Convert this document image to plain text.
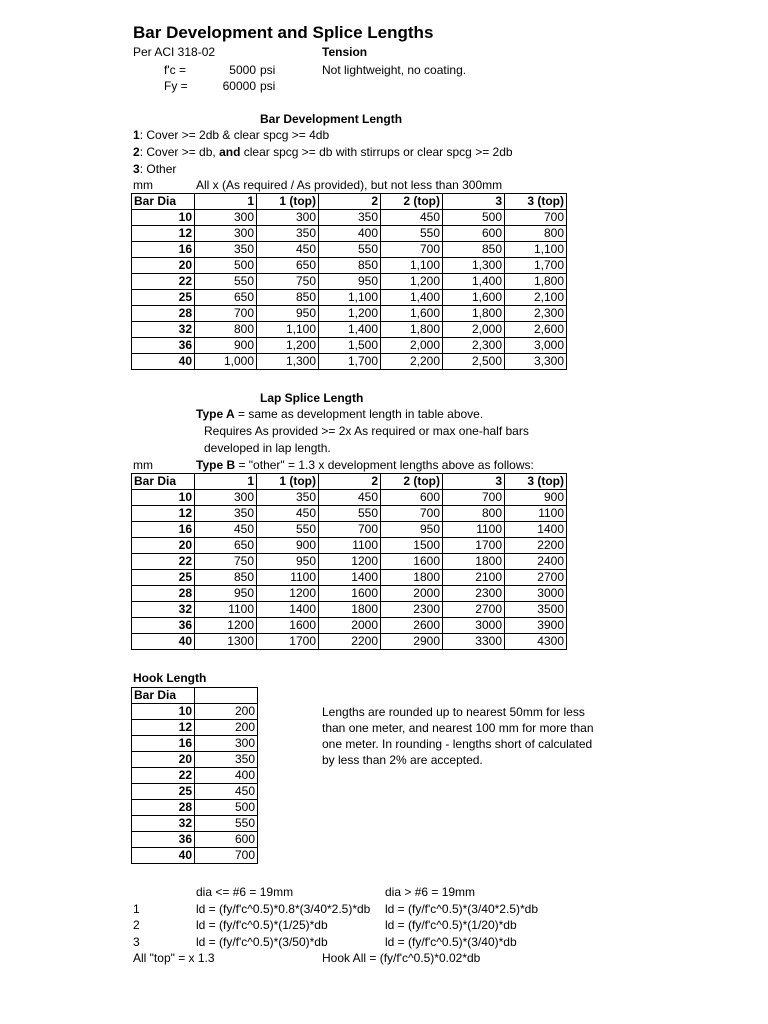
Bar Development and Splice Lengths
Per ACI 318-02	Tension
Not lightweight, no coating.
f'c =	5000 psi
Fy =	60000 psi
Bar Development Length
1: Cover >= 2db & clear spcg >= 4db
2: Cover >= db, and clear spcg >= db with stirrups or clear spcg >= 2db
3: Other
mm	All x (As required / As provided), but not less than 300mm
Bar Dia	1	1 (top)	2	2 (top)	3	3 (top)
10	300	300	350	450	500	700
12	300	350	400	550	600	800
16	350	450	550	700	850	1,100
20	500	650	850	1,100	1,300	1,700
22	550	750	950	1,200	1,400	1,800
25	650	850	1,100	1,400	1,600	2,100
28	700	950	1,200	1,600	1,800	2,300
32	800	1,100	1,400	1,800	2,000	2,600
36	900	1,200	1,500	2,000	2,300	3,000
40	1,000	1,300	1,700	2,200	2,500	3,300
Lap Splice Length
Type A = same as development length in table above.
Requires As provided >= 2x As required or max one-half bars
developed in lap length.
mm	Type B = "other" = 1.3 x development lengths above as follows:
Bar Dia	1	1 (top)	2	2 (top)	3	3 (top)
10	300	350	450	600	700	900
12	350	450	550	700	800	1100
16	450	550	700	950	1100	1400
20	650	900	1100	1500	1700	2200
22	750	950	1200	1600	1800	2400
25	850	1100	1400	1800	2100	2700
28	950	1200	1600	2000	2300	3000
32	1100	1400	1800	2300	2700	3500
36	1200	1600	2000	2600	3000	3900
40	1300	1700	2200	2900	3300	4300
Hook Length
Bar Dia	
10	200
12	200
16	300
20	350
22	400
25	450
28	500
32	550
36	600
40	700
Lengths are rounded up to nearest 50mm for less
than one meter, and nearest 100 mm for more than
one meter. In rounding - lengths short of calculated
by less than 2% are accepted.
dia <= #6 = 19mm	dia > #6 = 19mm
1	ld = (fy/f'c^0.5)*0.8*(3/40*2.5)*db ld = (fy/f'c^0.5)*(3/40*2.5)*db
2	ld = (fy/f'c^0.5)*(1/25)*db	ld = (fy/f'c^0.5)*(1/20)*db
3	ld = (fy/f'c^0.5)*(3/50)*db	ld = (fy/f'c^0.5)*(3/40)*db
All "top" = x 1.3	Hook All = (fy/f'c^0.5)*0.02*db
